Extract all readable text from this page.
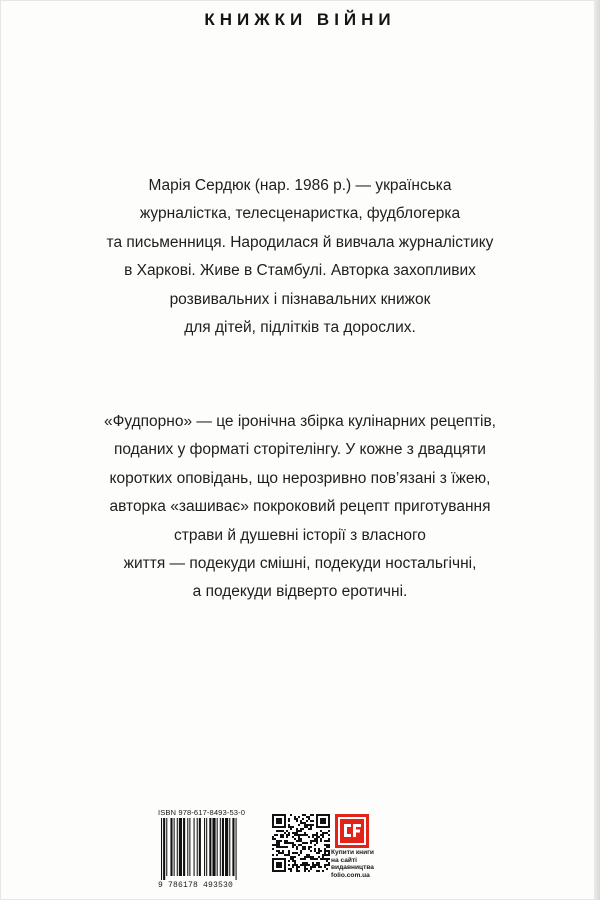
КНИЖКИ ВІЙНИ
Марія Сердюк (нар. 1986 р.) — українська
журналістка, телесценаристка, фудблогерка
та письменниця. Народилася й вивчала журналістику
в Харкові. Живе в Стамбулі. Авторка захопливих
розвивальних і пізнавальних книжок
для дітей, підлітків та дорослих.
«Фудпорно» — це іронічна збірка кулінарних рецептів,
поданих у форматі сторітелінгу. У кожне з двадцяти
коротких оповідань, що нерозривно пов’язані з їжею,
авторка «зашиває» покроковий рецепт приготування
страви й душевні історії з власного
життя — подекуди смішні, подекуди ностальгічні,
а подекуди відверто еротичні.
ISBN 978-617-8493-53-0
9 786178 493530
Купити книги
на сайті
видавництва
folio.com.ua
